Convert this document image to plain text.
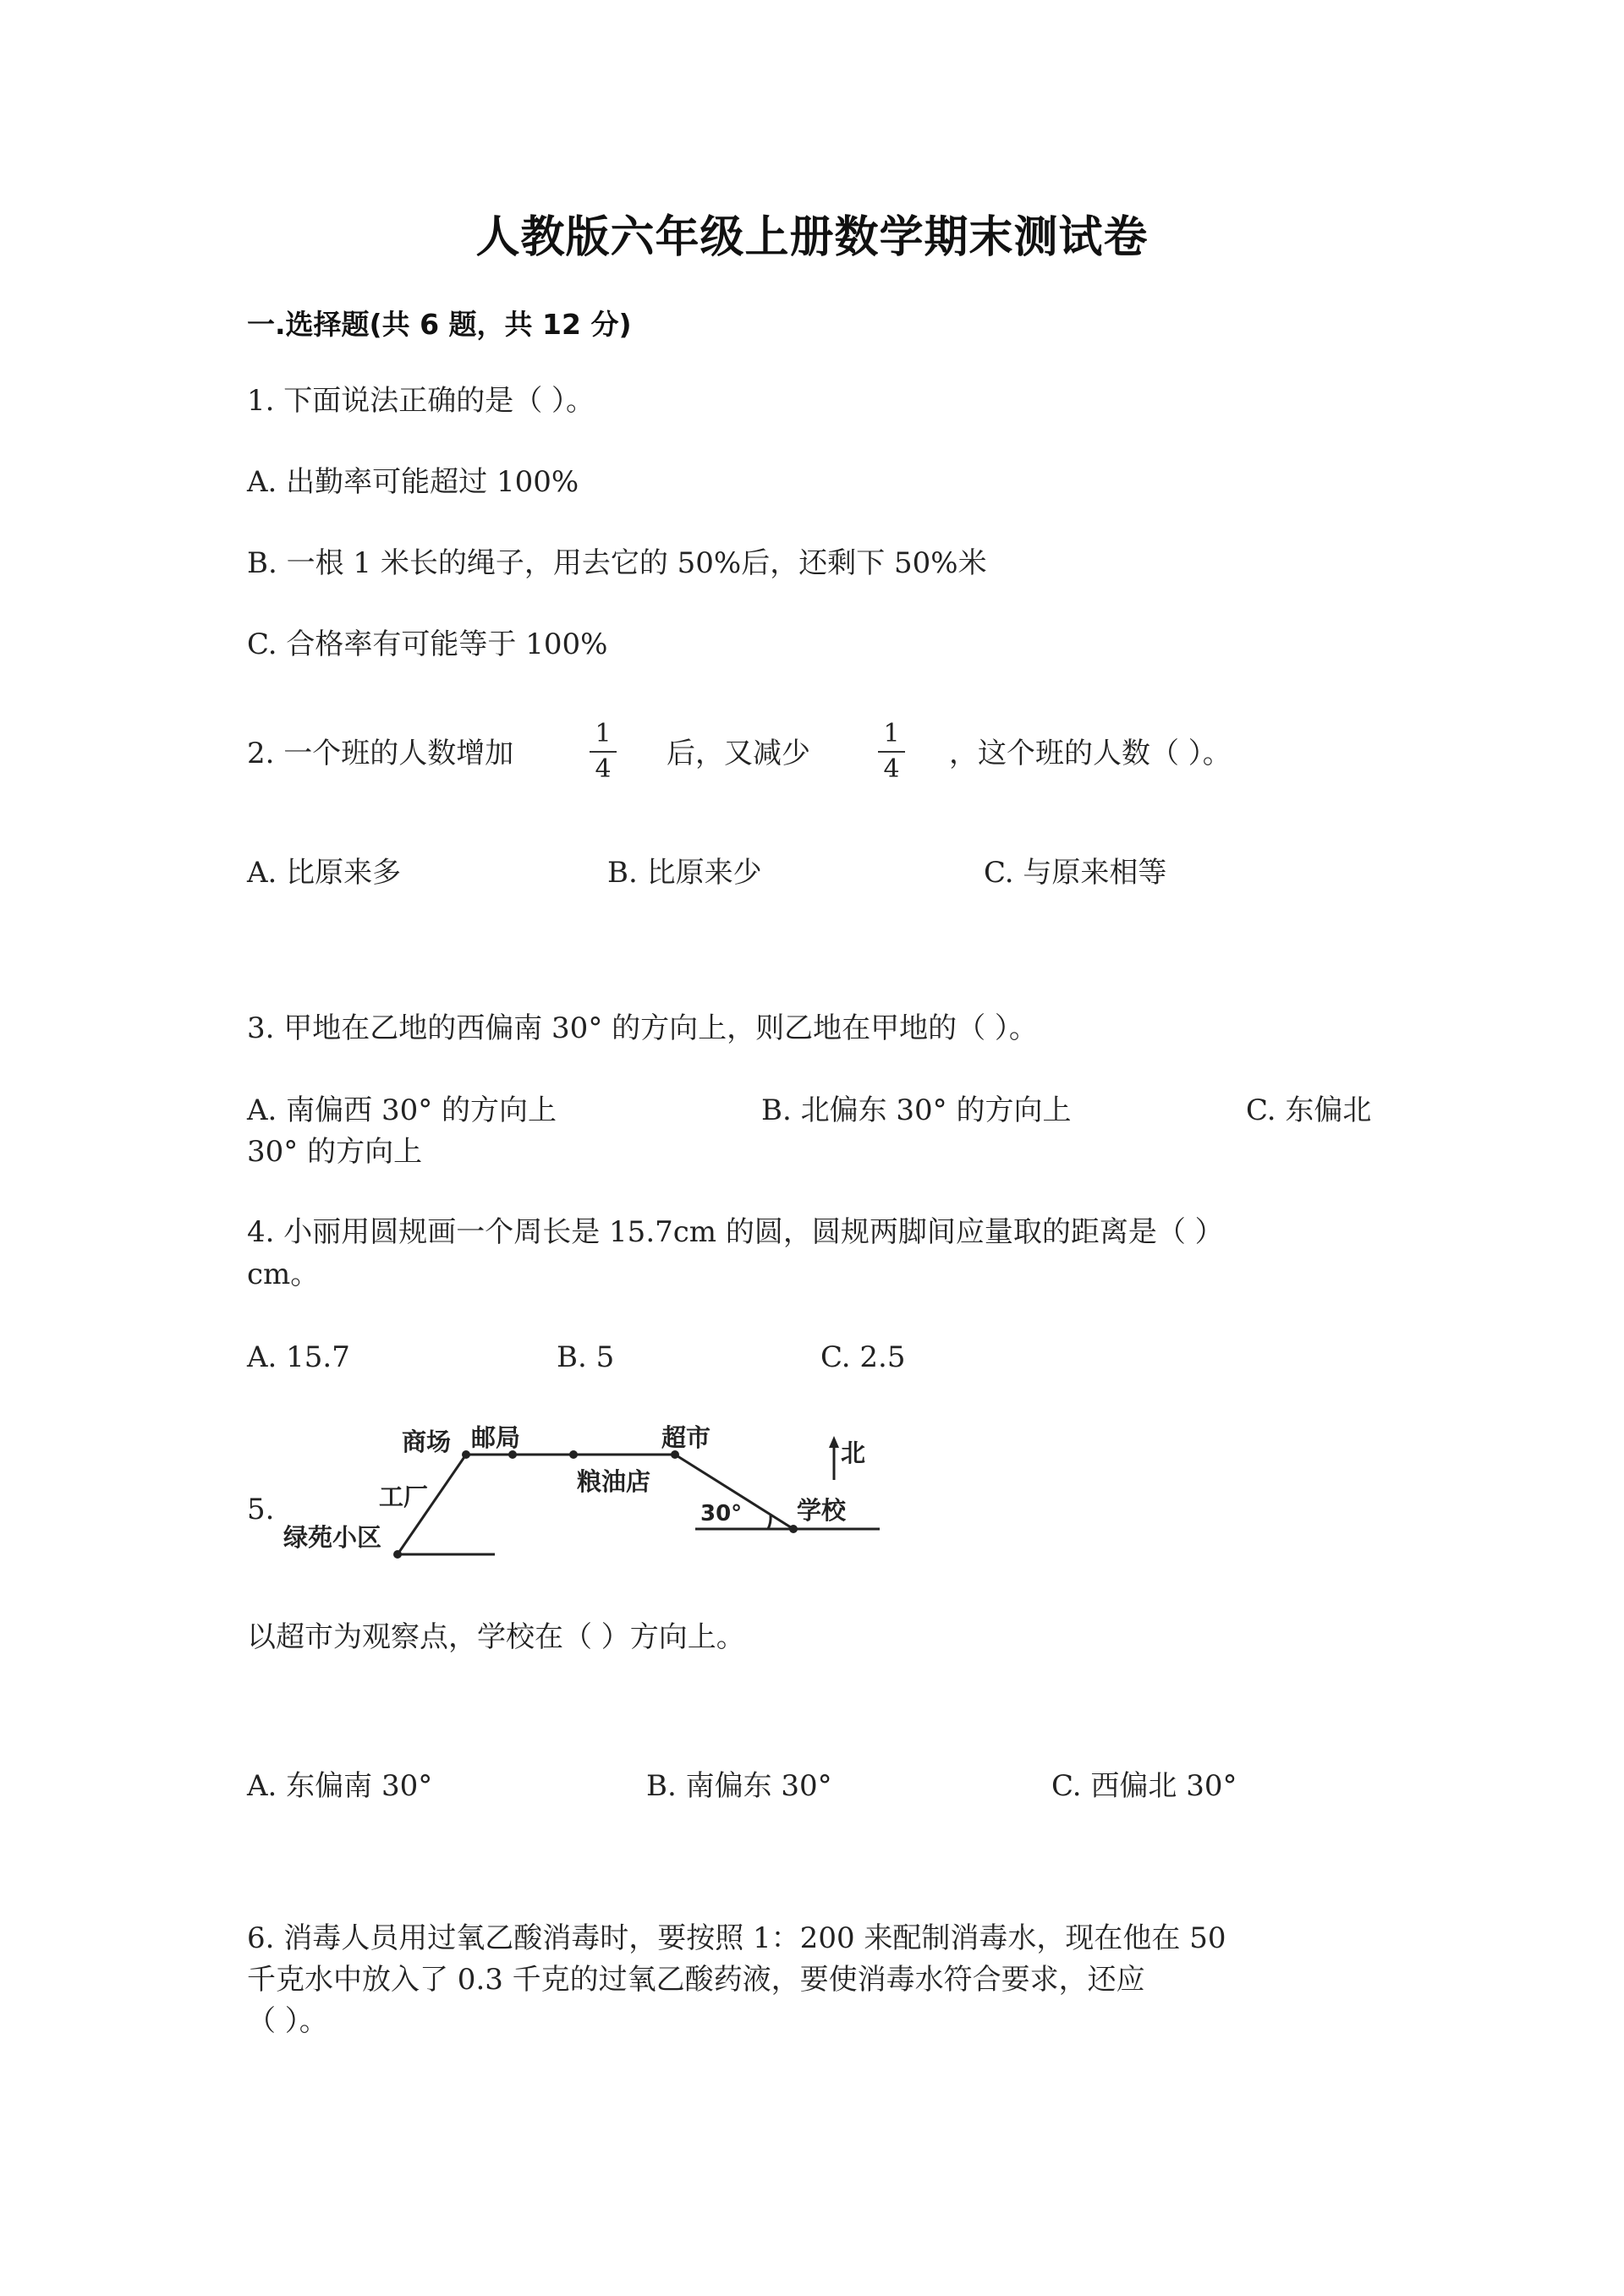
人教版六年级上册数学期末测试卷
一.选择题(共 6 题，共 12 分)
1. 下面说法正确的是（ ）。
A. 出勤率可能超过 100%
B. 一根 1 米长的绳子，用去它的 50%后，还剩下 50%米
C. 合格率有可能等于 100%
2. 一个班的人数增加
1
4	后，又减少
1
4	，这个班的人数（ ）。
A. 比原来多	B. 比原来少	C. 与原来相等
3. 甲地在乙地的西偏南 30° 的方向上，则乙地在甲地的（ ）。
A. 南偏西 30° 的方向上	B. 北偏东 30° 的方向上	C. 东偏北
30° 的方向上
4. 小丽用圆规画一个周长是 15.7cm 的圆，圆规两脚间应量取的距离是（ ）
cm。
A. 15.7	B. 5	C. 2.5
5.
商场 邮局	超市
北
工厂
粮油店
30° 学校
绿苑小区
以超市为观察点，学校在（ ）方向上。
A. 东偏南 30°	B. 南偏东 30°	C. 西偏北 30°
6. 消毒人员用过氧乙酸消毒时，要按照 1：200 来配制消毒水，现在他在 50
千克水中放入了 0.3 千克的过氧乙酸药液，要使消毒水符合要求，还应
（ ）。
